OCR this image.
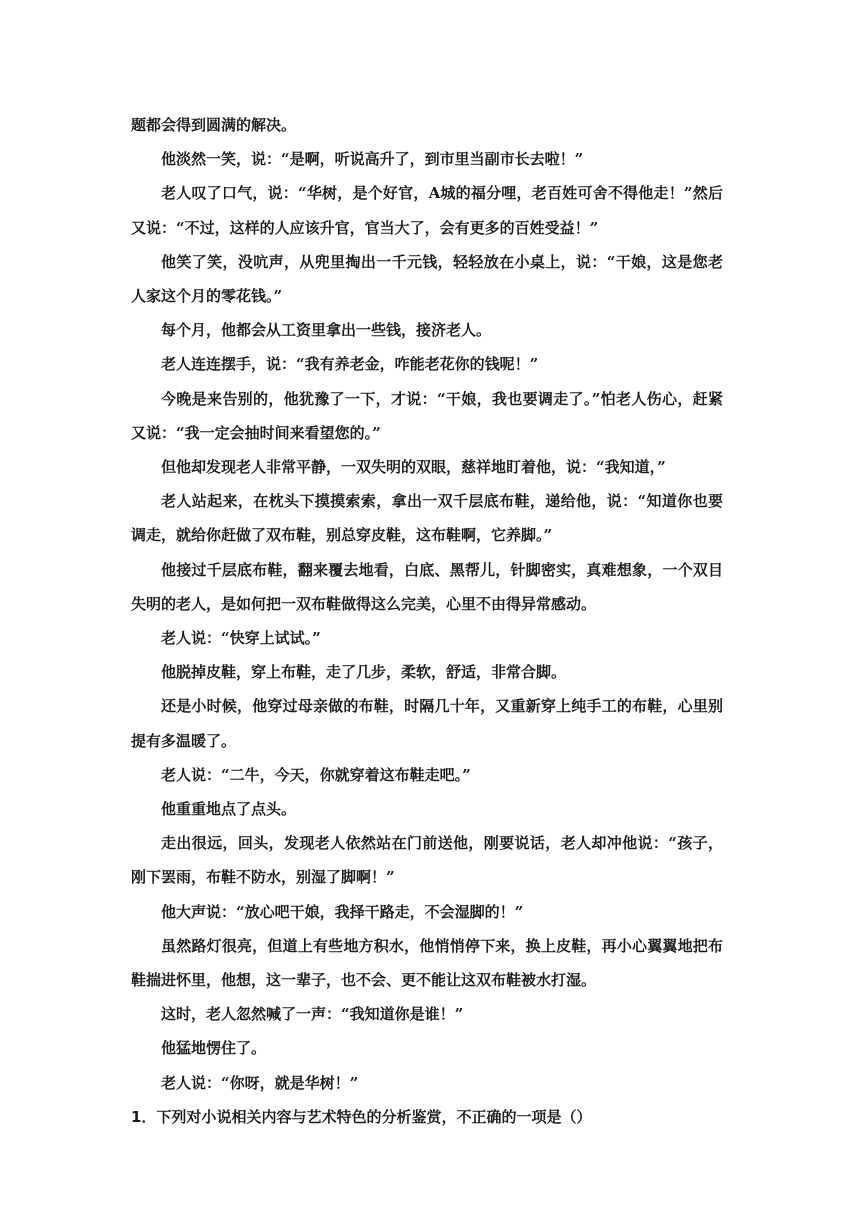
题都会得到圆满的解决。

他淡然一笑，说：“是啊，听说高升了，到市里当副市长去啦！”

老人叹了口气，说：“华树，是个好官，A城的福分哩，老百姓可舍不得他走！”然后又说：“不过，这样的人应该升官，官当大了，会有更多的百姓受益！”

他笑了笑，没吭声，从兜里掏出一千元钱，轻轻放在小桌上，说：“干娘，这是您老人家这个月的零花钱。”

每个月，他都会从工资里拿出一些钱，接济老人。

老人连连摆手，说：“我有养老金，咋能老花你的钱呢！”

今晚是来告别的，他犹豫了一下，才说：“干娘，我也要调走了。”怕老人伤心，赶紧又说：“我一定会抽时间来看望您的。”

但他却发现老人非常平静，一双失明的双眼，慈祥地盯着他，说：“我知道，”

老人站起来，在枕头下摸摸索索，拿出一双千层底布鞋，递给他，说：“知道你也要调走，就给你赶做了双布鞋，别总穿皮鞋，这布鞋啊，它养脚。”

他接过千层底布鞋，翻来覆去地看，白底、黑帮儿，针脚密实，真难想象，一个双目失明的老人，是如何把一双布鞋做得这么完美，心里不由得异常感动。

老人说：“快穿上试试。”

他脱掉皮鞋，穿上布鞋，走了几步，柔软，舒适，非常合脚。

还是小时候，他穿过母亲做的布鞋，时隔几十年，又重新穿上纯手工的布鞋，心里别提有多温暖了。

老人说：“二牛，今天，你就穿着这布鞋走吧。”

他重重地点了点头。

走出很远，回头，发现老人依然站在门前送他，刚要说话，老人却冲他说：“孩子，刚下罢雨，布鞋不防水，别湿了脚啊！”

他大声说：“放心吧干娘，我择干路走，不会湿脚的！”

虽然路灯很亮，但道上有些地方积水，他悄悄停下来，换上皮鞋，再小心翼翼地把布鞋揣进怀里，他想，这一辈子，也不会、更不能让这双布鞋被水打湿。

这时，老人忽然喊了一声：“我知道你是谁！”

他猛地愣住了。

老人说：“你呀，就是华树！”

1．下列对小说相关内容与艺术特色的分析鉴赏，不正确的一项是（）
